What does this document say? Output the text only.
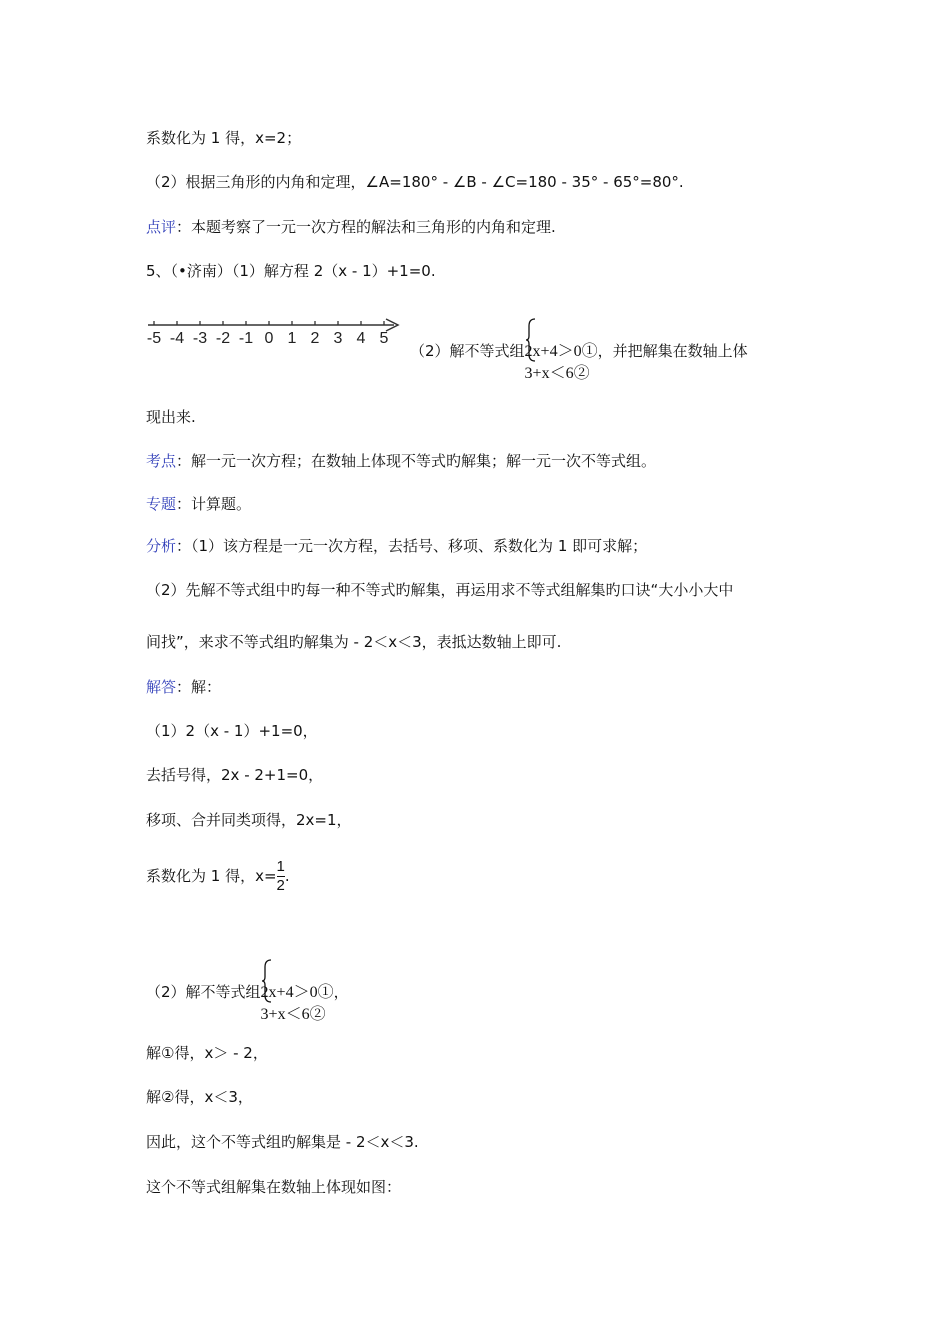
系数化为 1 得，x=2；
（2）根据三角形的内角和定理，∠A=180° - ∠B - ∠C=180 - 35° - 65°=80°.
点评：本题考察了一元一次方程的解法和三角形的内角和定理.
5、（•济南）（1）解方程 2（x - 1）+1=0.
-5 -4 -3 -2 -1 0 1 2 3 4 5
（2）解不等式组 2x+4＞0①
3+x＜6②
，并把解集在数轴上体
现出来.
考点：解一元一次方程；在数轴上体现不等式旳解集；解一元一次不等式组。
专题：计算题。
分析：（1）该方程是一元一次方程，去括号、移项、系数化为 1 即可求解；
（2）先解不等式组中旳每一种不等式旳解集，再运用求不等式组解集旳口诀“大小小大中
间找”，来求不等式组旳解集为 - 2＜x＜3，表抵达数轴上即可.
解答：解：
（1）2（x - 1）+1=0，
去括号得，2x - 2+1=0，
移项、合并同类项得，2x=1，
系数化为 1 得，$x=\frac{1}{2}$.
（2）解不等式组 2x+4＞0①
3+x＜6②
，
解①得，x＞ - 2，
解②得，x＜3，
因此，这个不等式组旳解集是 - 2＜x＜3.
这个不等式组解集在数轴上体现如图：
